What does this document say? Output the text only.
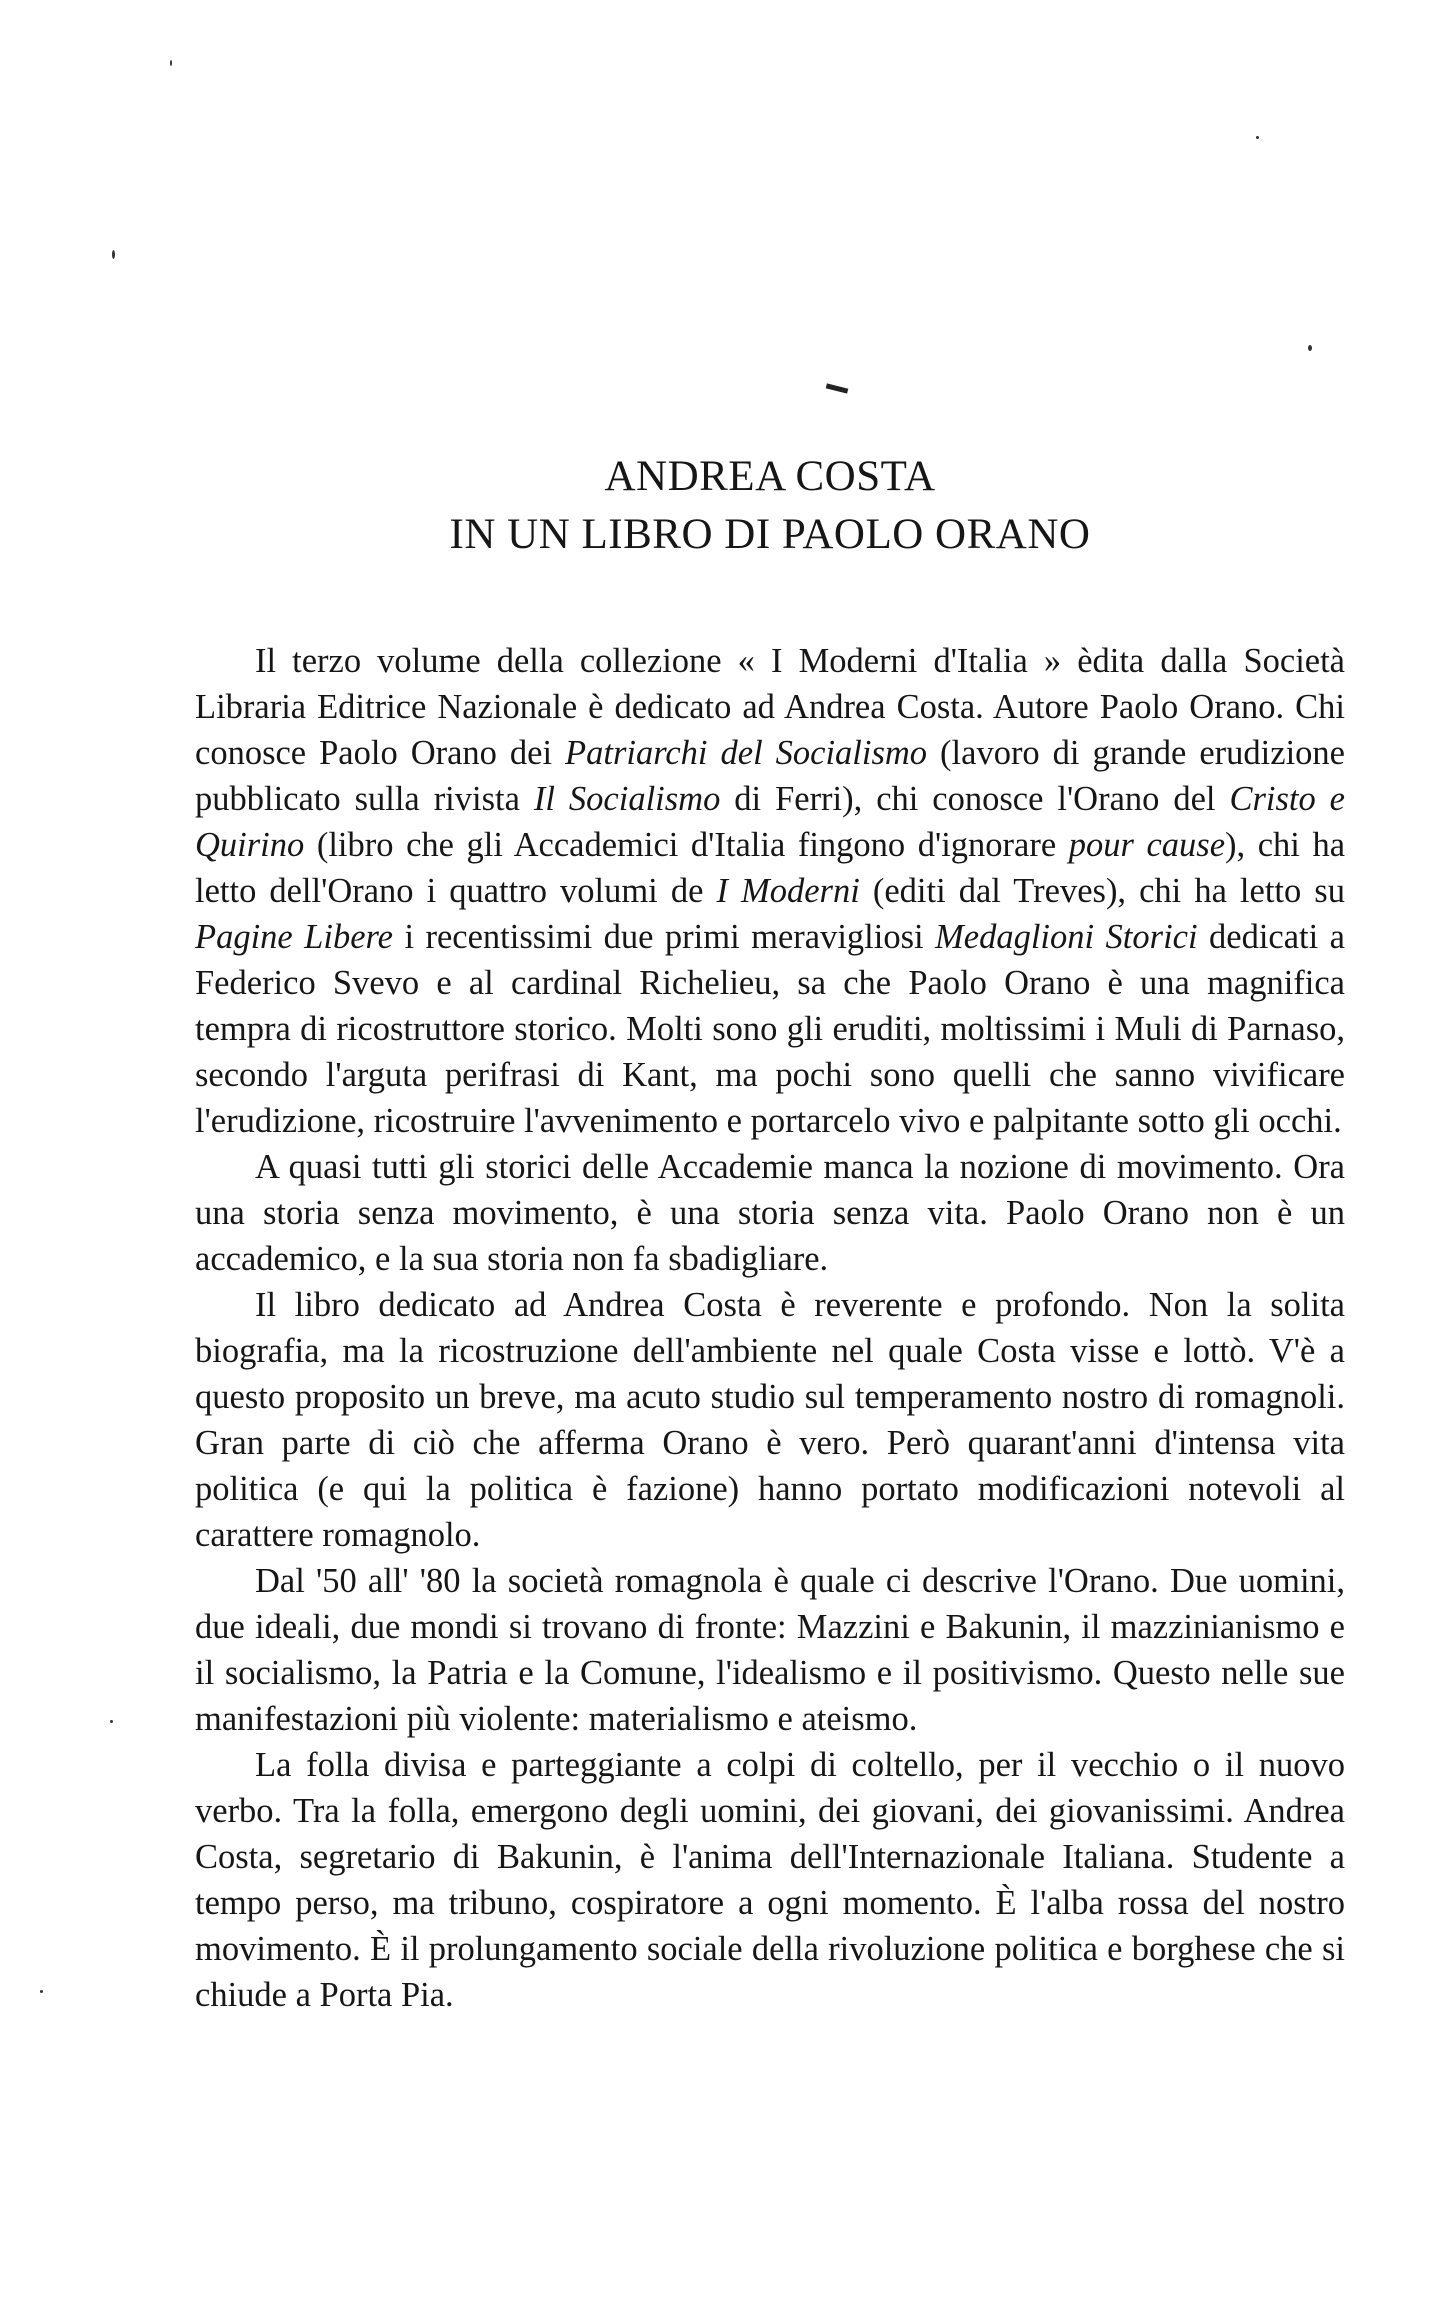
ANDREA COSTA
IN UN LIBRO DI PAOLO ORANO

Il terzo volume della collezione « I Moderni d'Italia » èdita dalla Società Libraria Editrice Nazionale è dedicato ad Andrea Costa. Autore Paolo Orano. Chi conosce Paolo Orano dei Patriarchi del Socialismo (lavoro di grande erudizione pubblicato sulla rivista Il Socialismo di Ferri), chi conosce l'Orano del Cristo e Quirino (libro che gli Accademici d'Italia fingono d'ignorare pour cause), chi ha letto dell'Orano i quattro volumi de I Moderni (editi dal Treves), chi ha letto su Pagine Libere i recentissimi due primi meravigliosi Medaglioni Storici dedicati a Federico Svevo e al cardinal Richelieu, sa che Paolo Orano è una magnifica tempra di ricostruttore storico. Molti sono gli eruditi, moltissimi i Muli di Parnaso, secondo l'arguta perifrasi di Kant, ma pochi sono quelli che sanno vivificare l'erudizione, ricostruire l'avvenimento e portarcelo vivo e palpitante sotto gli occhi.

A quasi tutti gli storici delle Accademie manca la nozione di movimento. Ora una storia senza movimento, è una storia senza vita. Paolo Orano non è un accademico, e la sua storia non fa sbadigliare.

Il libro dedicato ad Andrea Costa è reverente e profondo. Non la solita biografia, ma la ricostruzione dell'ambiente nel quale Costa visse e lottò. V'è a questo proposito un breve, ma acuto studio sul temperamento nostro di romagnoli. Gran parte di ciò che afferma Orano è vero. Però quarant'anni d'intensa vita politica (e qui la politica è fazione) hanno portato modificazioni notevoli al carattere romagnolo.

Dal '50 all' '80 la società romagnola è quale ci descrive l'Orano. Due uomini, due ideali, due mondi si trovano di fronte: Mazzini e Bakunin, il mazzinianismo e il socialismo, la Patria e la Comune, l'idealismo e il positivismo. Questo nelle sue manifestazioni più violente: materialismo e ateismo.

La folla divisa e parteggiante a colpi di coltello, per il vecchio o il nuovo verbo. Tra la folla, emergono degli uomini, dei giovani, dei giovanissimi. Andrea Costa, segretario di Bakunin, è l'anima dell'Internazionale Italiana. Studente a tempo perso, ma tribuno, cospiratore a ogni momento. È l'alba rossa del nostro movimento. È il prolungamento sociale della rivoluzione politica e borghese che si chiude a Porta Pia.
